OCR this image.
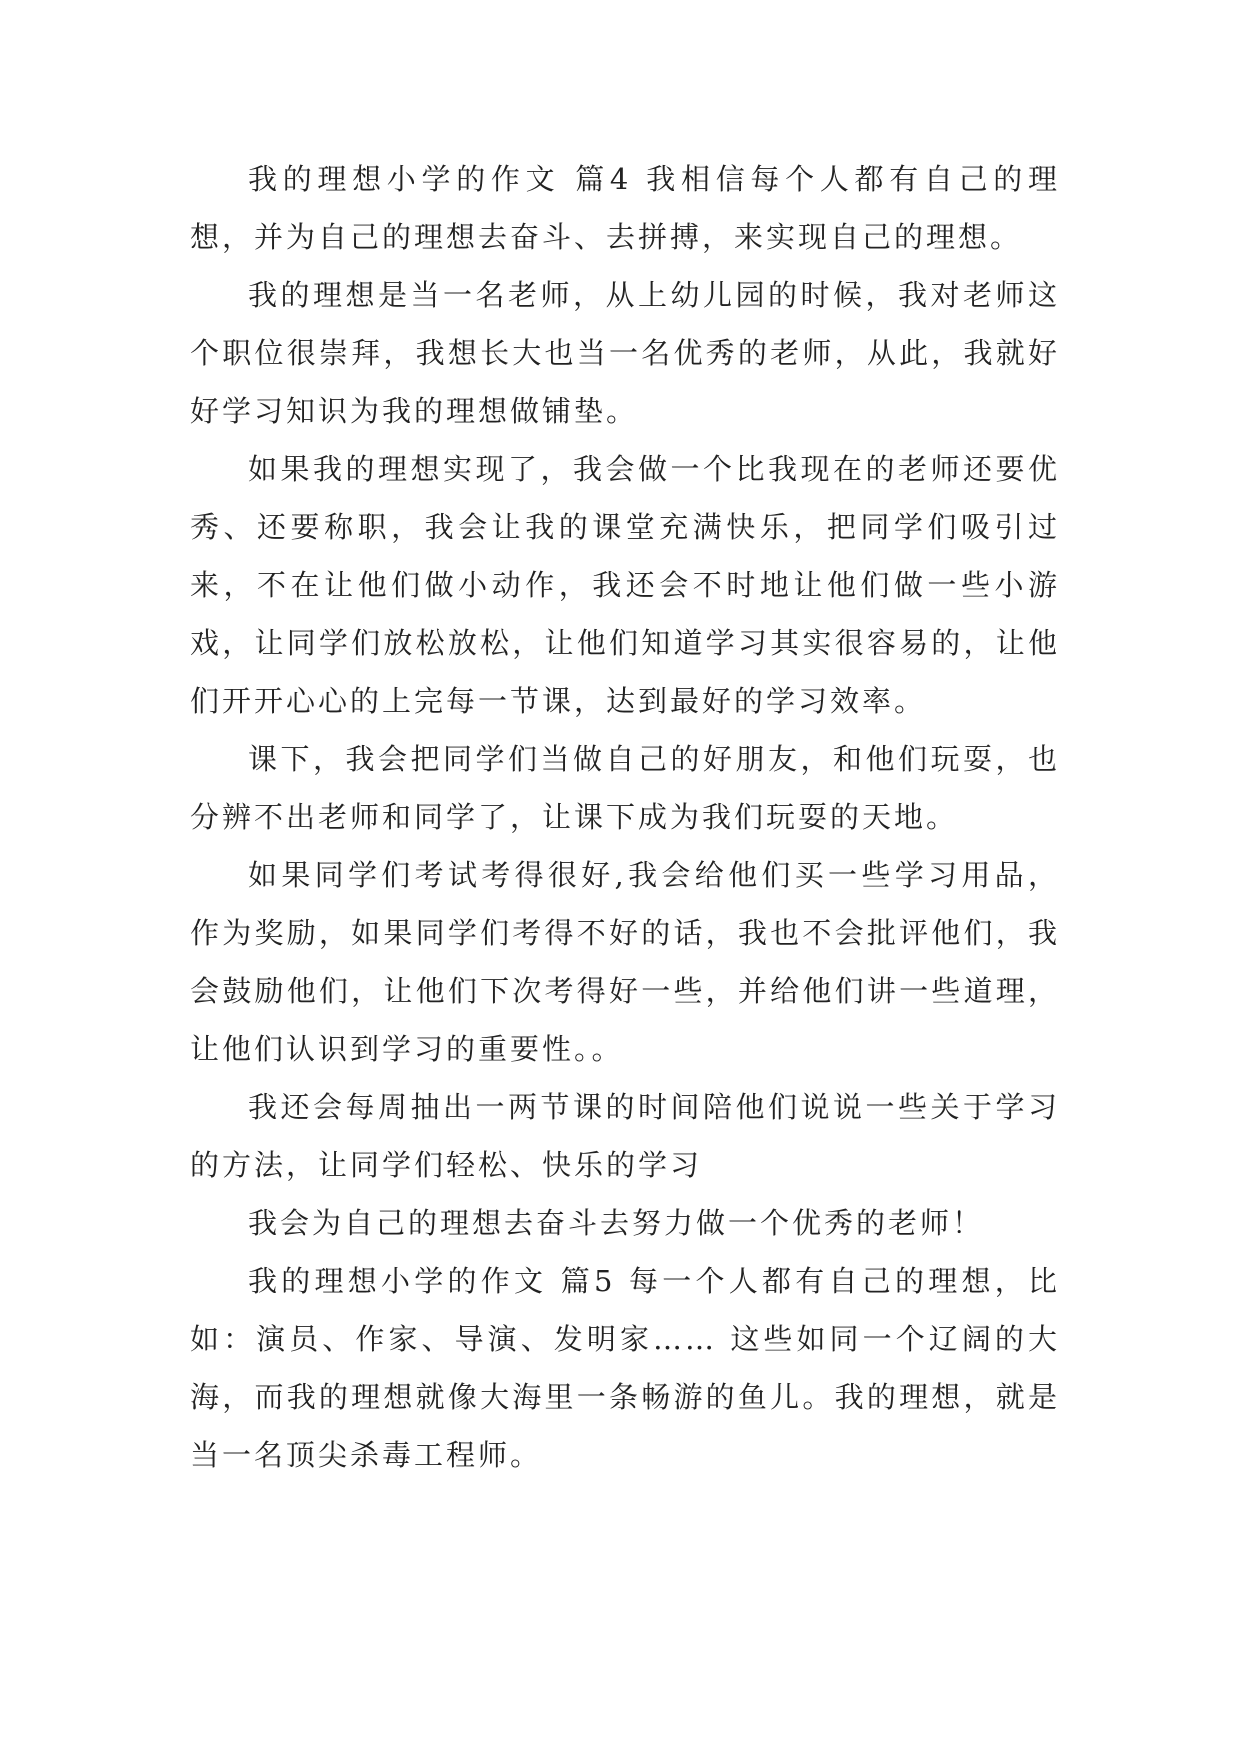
我的理想小学的作文 篇4 我相信每个人都有自己的理想，并为自己的理想去奋斗、去拼搏，来实现自己的理想。

我的理想是当一名老师，从上幼儿园的时候，我对老师这个职位很崇拜，我想长大也当一名优秀的老师，从此，我就好好学习知识为我的理想做铺垫。

如果我的理想实现了，我会做一个比我现在的老师还要优秀、还要称职，我会让我的课堂充满快乐，把同学们吸引过来，不在让他们做小动作，我还会不时地让他们做一些小游戏，让同学们放松放松，让他们知道学习其实很容易的，让他们开开心心的上完每一节课，达到最好的学习效率。

课下，我会把同学们当做自己的好朋友，和他们玩耍，也分辨不出老师和同学了，让课下成为我们玩耍的天地。

如果同学们考试考得很好,我会给他们买一些学习用品，作为奖励，如果同学们考得不好的话，我也不会批评他们，我会鼓励他们，让他们下次考得好一些，并给他们讲一些道理，让他们认识到学习的重要性。。

我还会每周抽出一两节课的时间陪他们说说一些关于学习的方法，让同学们轻松、快乐的学习

我会为自己的理想去奋斗去努力做一个优秀的老师！

我的理想小学的作文 篇5 每一个人都有自己的理想，比如：演员、作家、导演、发明家…… 这些如同一个辽阔的大海，而我的理想就像大海里一条畅游的鱼儿。我的理想，就是当一名顶尖杀毒工程师。
